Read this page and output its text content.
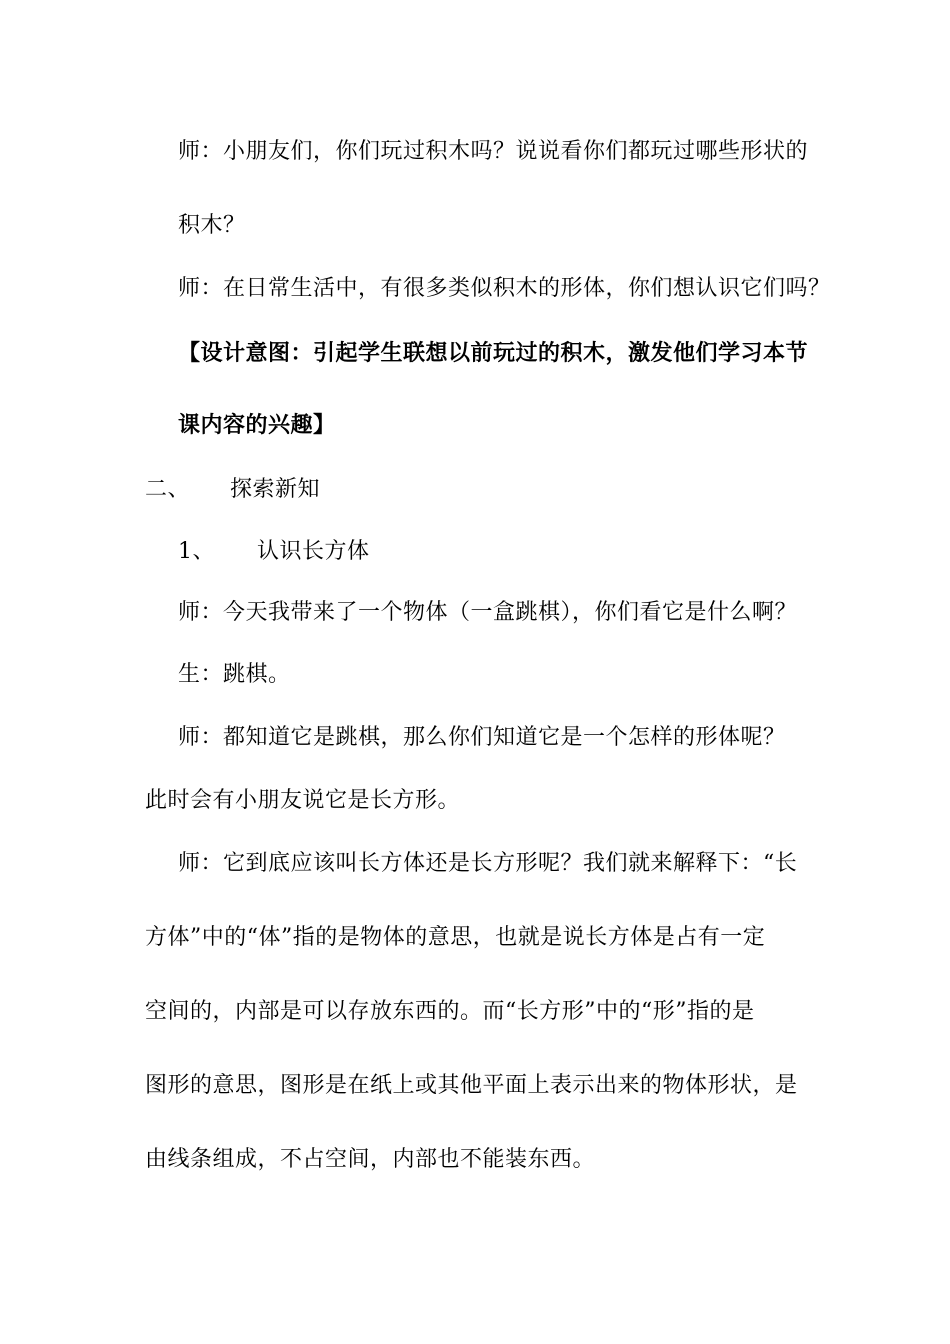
师：小朋友们，你们玩过积木吗？说说看你们都玩过哪些形状的
积木？
师：在日常生活中，有很多类似积木的形体，你们想认识它们吗？
【设计意图：引起学生联想以前玩过的积木，激发他们学习本节
课内容的兴趣】
二、 探索新知
1、 认识长方体
师：今天我带来了一个物体（一盒跳棋），你们看它是什么啊？
生：跳棋。
师：都知道它是跳棋，那么你们知道它是一个怎样的形体呢？
此时会有小朋友说它是长方形。
师：它到底应该叫长方体还是长方形呢？我们就来解释下：“长
方体”中的“体”指的是物体的意思，也就是说长方体是占有一定
空间的，内部是可以存放东西的。而“长方形”中的“形”指的是
图形的意思，图形是在纸上或其他平面上表示出来的物体形状，是
由线条组成，不占空间，内部也不能装东西。
